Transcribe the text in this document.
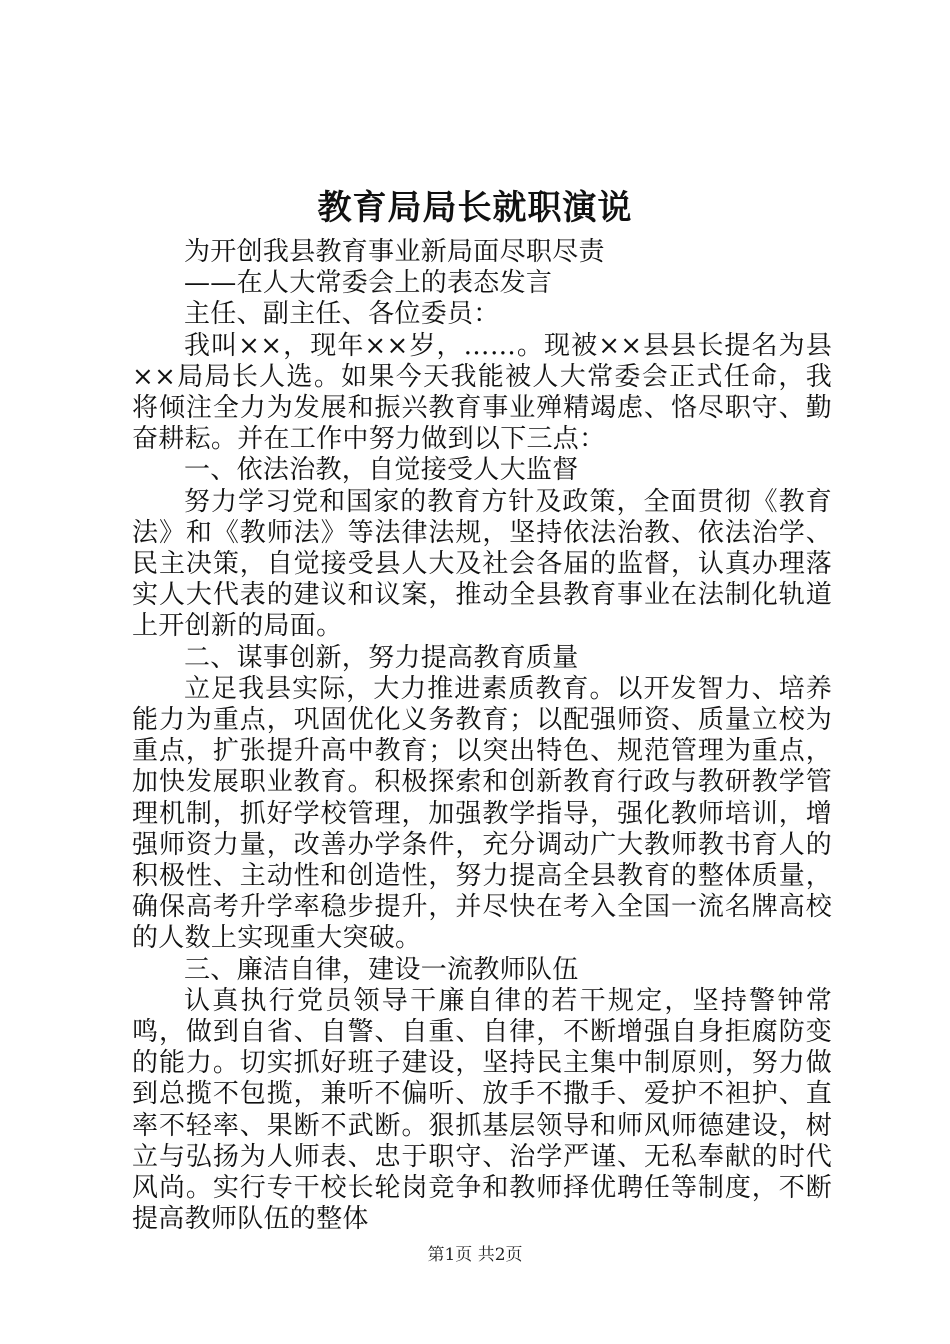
教育局局长就职演说

为开创我县教育事业新局面尽职尽责

——在人大常委会上的表态发言

主任、副主任、各位委员：

我叫××，现年××岁，……。现被××县县长提名为县××局局长人选。如果今天我能被人大常委会正式任命，我将倾注全力为发展和振兴教育事业殚精竭虑、恪尽职守、勤奋耕耘。并在工作中努力做到以下三点：

一、依法治教，自觉接受人大监督

努力学习党和国家的教育方针及政策，全面贯彻《教育法》和《教师法》等法律法规，坚持依法治教、依法治学、民主决策，自觉接受县人大及社会各届的监督，认真办理落实人大代表的建议和议案，推动全县教育事业在法制化轨道上开创新的局面。

二、谋事创新，努力提高教育质量

立足我县实际，大力推进素质教育。以开发智力、培养能力为重点，巩固优化义务教育；以配强师资、质量立校为重点，扩张提升高中教育；以突出特色、规范管理为重点，加快发展职业教育。积极探索和创新教育行政与教研教学管理机制，抓好学校管理，加强教学指导，强化教师培训，增强师资力量，改善办学条件，充分调动广大教师教书育人的积极性、主动性和创造性，努力提高全县教育的整体质量，确保高考升学率稳步提升，并尽快在考入全国一流名牌高校的人数上实现重大突破。

三、廉洁自律，建设一流教师队伍

认真执行党员领导干廉自律的若干规定，坚持警钟常鸣，做到自省、自警、自重、自律，不断增强自身拒腐防变的能力。切实抓好班子建设，坚持民主集中制原则，努力做到总揽不包揽，兼听不偏听、放手不撒手、爱护不袒护、直率不轻率、果断不武断。狠抓基层领导和师风师德建设，树立与弘扬为人师表、忠于职守、治学严谨、无私奉献的时代风尚。实行专干校长轮岗竞争和教师择优聘任等制度，不断提高教师队伍的整体

第1页 共2页
